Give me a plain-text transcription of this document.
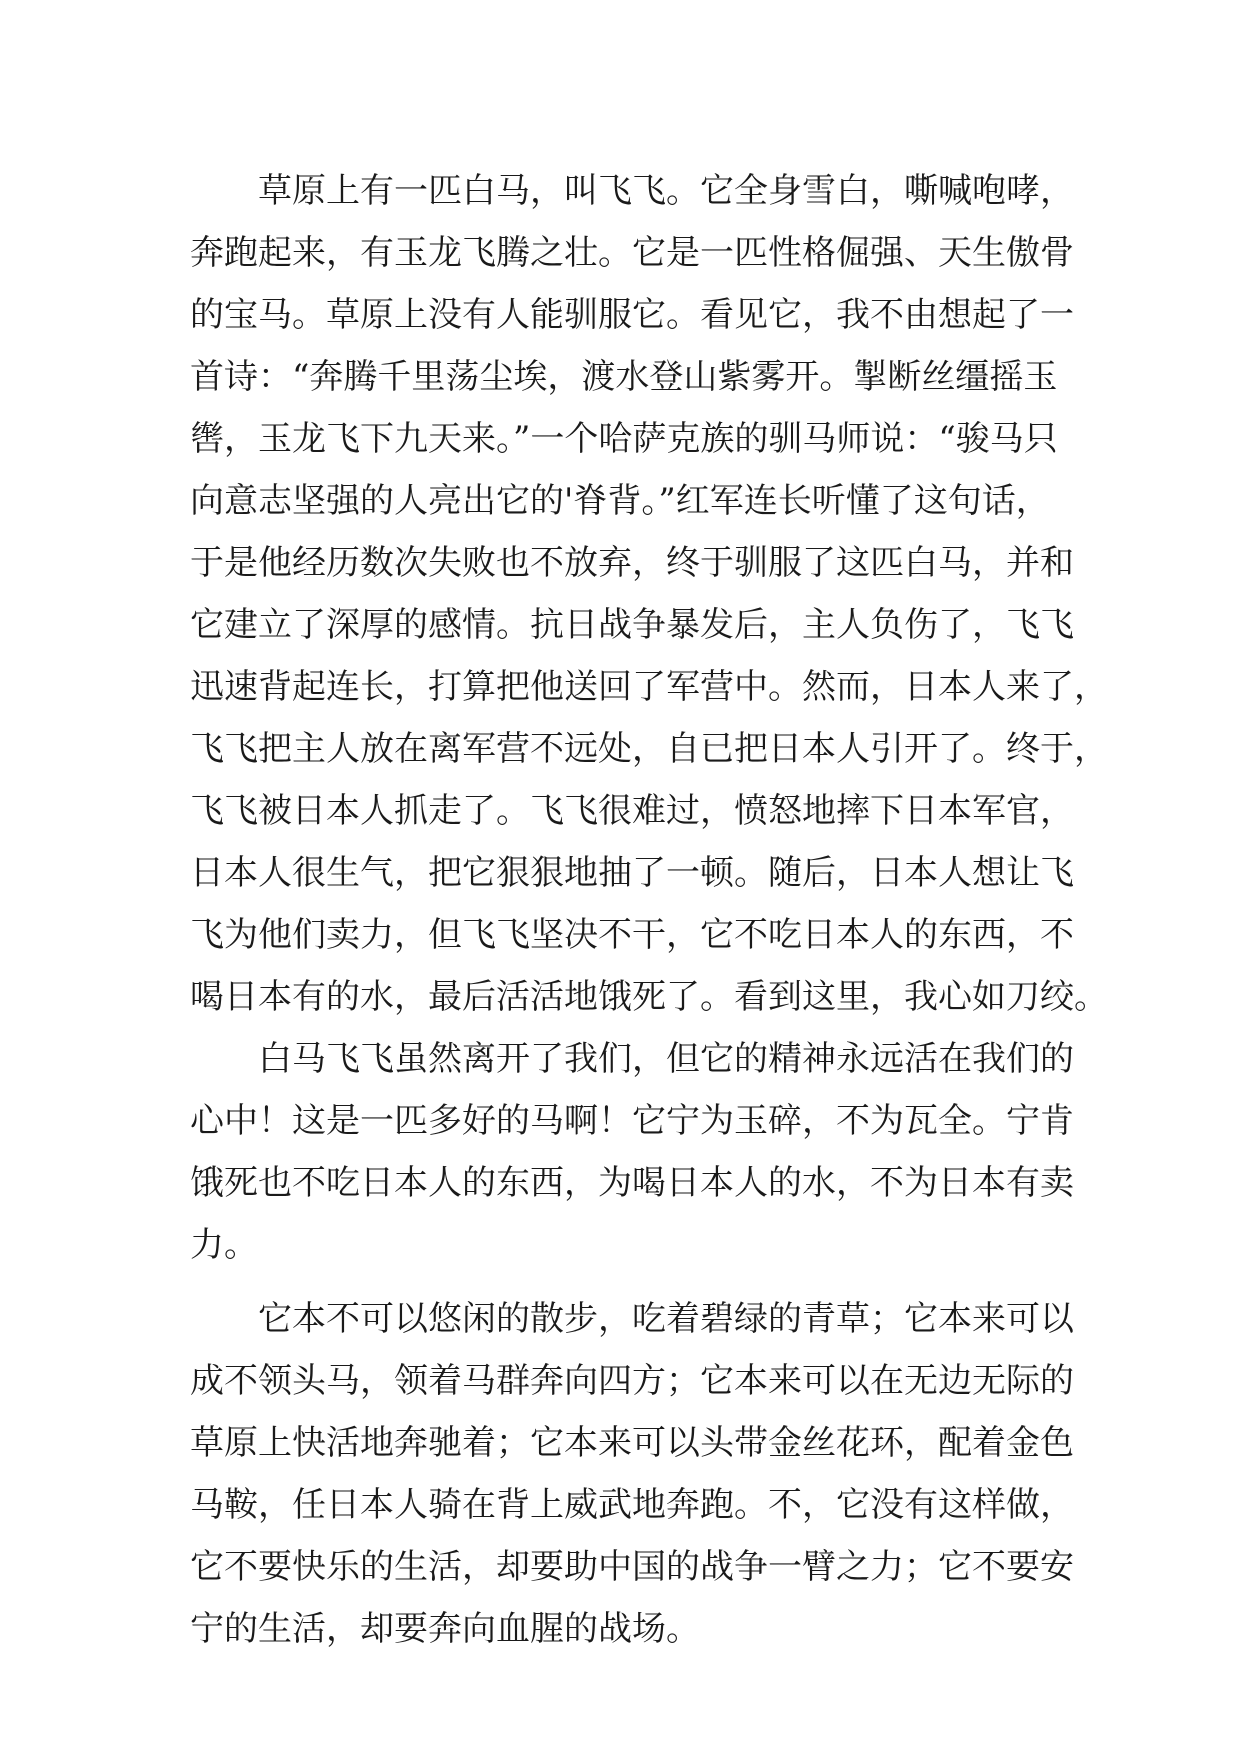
草原上有一匹白马，叫飞飞。它全身雪白，嘶喊咆哮，
奔跑起来，有玉龙飞腾之壮。它是一匹性格倔强、天生傲骨
的宝马。草原上没有人能驯服它。看见它，我不由想起了一
首诗：“奔腾千里荡尘埃，渡水登山紫雾开。掣断丝缰摇玉
辔，玉龙飞下九天来。”一个哈萨克族的驯马师说：“骏马只
向意志坚强的人亮出它的'脊背。”红军连长听懂了这句话，
于是他经历数次失败也不放弃，终于驯服了这匹白马，并和
它建立了深厚的感情。抗日战争暴发后，主人负伤了，飞飞
迅速背起连长，打算把他送回了军营中。然而，日本人来了，
飞飞把主人放在离军营不远处，自已把日本人引开了。终于，
飞飞被日本人抓走了。飞飞很难过，愤怒地摔下日本军官，
日本人很生气，把它狠狠地抽了一顿。随后，日本人想让飞
飞为他们卖力，但飞飞坚决不干，它不吃日本人的东西，不
喝日本有的水，最后活活地饿死了。看到这里，我心如刀绞。
白马飞飞虽然离开了我们，但它的精神永远活在我们的
心中！这是一匹多好的马啊！它宁为玉碎，不为瓦全。宁肯
饿死也不吃日本人的东西，为喝日本人的水，不为日本有卖
力。
它本不可以悠闲的散步，吃着碧绿的青草；它本来可以
成不领头马，领着马群奔向四方；它本来可以在无边无际的
草原上快活地奔驰着；它本来可以头带金丝花环，配着金色
马鞍，任日本人骑在背上威武地奔跑。不，它没有这样做，
它不要快乐的生活，却要助中国的战争一臂之力；它不要安
宁的生活，却要奔向血腥的战场。
